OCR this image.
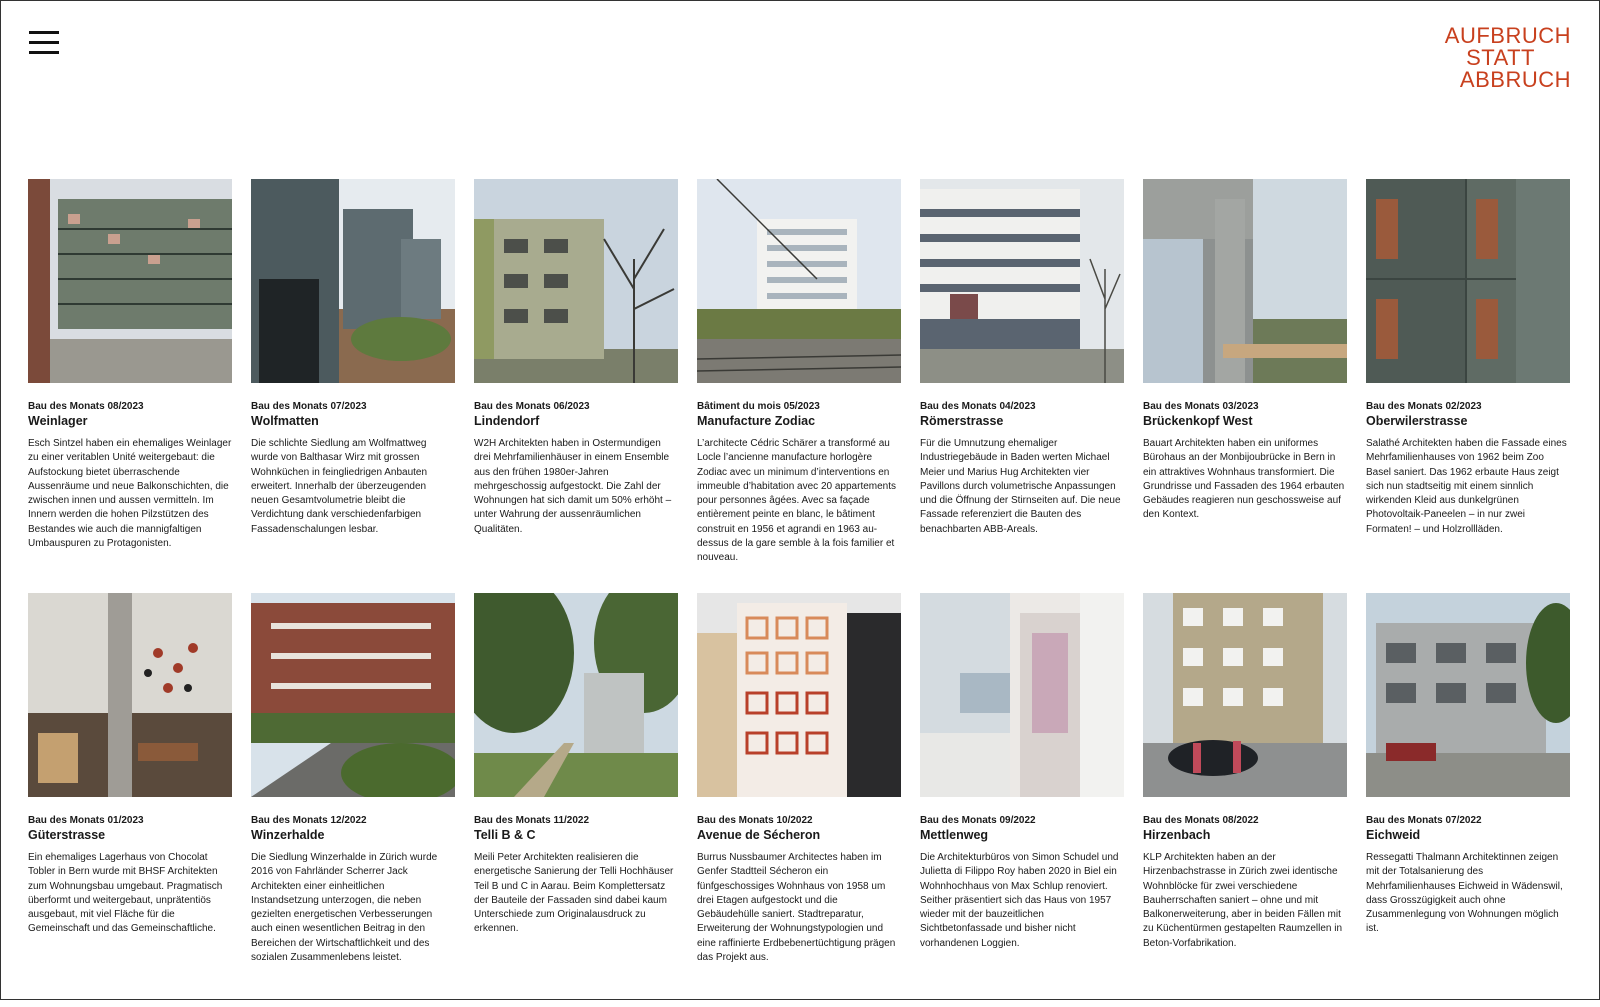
AUFBRUCH
STATT
ABBRUCH
Bau des Monats 08/2023
Weinlager
Esch Sintzel haben ein ehemaliges Weinlager zu einer veritablen Unité weitergebaut: die Aufstockung bietet überraschende Aussenräume und neue Balkonschichten, die zwischen innen und aussen vermitteln. Im Innern werden die hohen Pilzstützen des Bestandes wie auch die mannigfaltigen Umbauspuren zu Protagonisten.
Bau des Monats 07/2023
Wolfmatten
Die schlichte Siedlung am Wolfmattweg wurde von Balthasar Wirz mit grossen Wohnküchen in feingliedrigen Anbauten erweitert. Innerhalb der überzeugenden neuen Gesamtvolumetrie bleibt die Verdichtung dank verschiedenfarbigen Fassadenschalungen lesbar.
Bau des Monats 06/2023
Lindendorf
W2H Architekten haben in Ostermundigen drei Mehrfamilienhäuser in einem Ensemble aus den frühen 1980er-Jahren mehrgeschossig aufgestockt. Die Zahl der Wohnungen hat sich damit um 50% erhöht – unter Wahrung der aussenräumlichen Qualitäten.
Bâtiment du mois 05/2023
Manufacture Zodiac
L’architecte Cédric Schärer a transformé au Locle l’ancienne manufacture horlogère Zodiac avec un minimum d’interventions en immeuble d’habitation avec 20 appartements pour personnes âgées. Avec sa façade entièrement peinte en blanc, le bâtiment construit en 1956 et agrandi en 1963 au-dessus de la gare semble à la fois familier et nouveau.
Bau des Monats 04/2023
Römerstrasse
Für die Umnutzung ehemaliger Industriegebäude in Baden werten Michael Meier und Marius Hug Architekten vier Pavillons durch volumetrische Anpassungen und die Öffnung der Stirnseiten auf. Die neue Fassade referenziert die Bauten des benachbarten ABB-Areals.
Bau des Monats 03/2023
Brückenkopf West
Bauart Architekten haben ein uniformes Bürohaus an der Monbijoubrücke in Bern in ein attraktives Wohnhaus transformiert. Die Grundrisse und Fassaden des 1964 erbauten Gebäudes reagieren nun geschossweise auf den Kontext.
Bau des Monats 02/2023
Oberwilerstrasse
Salathé Architekten haben die Fassade eines Mehrfamilienhauses von 1962 beim Zoo Basel saniert. Das 1962 erbaute Haus zeigt sich nun stadtseitig mit einem sinnlich wirkenden Kleid aus dunkelgrünen Photovoltaik-Paneelen – in nur zwei Formaten! – und Holzrollläden.
Bau des Monats 01/2023
Güterstrasse
Ein ehemaliges Lagerhaus von Chocolat Tobler in Bern wurde mit BHSF Architekten zum Wohnungsbau umgebaut. Pragmatisch überformt und weitergebaut, unprätentiös ausgebaut, mit viel Fläche für die Gemeinschaft und das Gemeinschaftliche.
Bau des Monats 12/2022
Winzerhalde
Die Siedlung Winzerhalde in Zürich wurde 2016 von Fahrländer Scherrer Jack Architekten einer einheitlichen Instandsetzung unterzogen, die neben gezielten energetischen Verbesserungen auch einen wesentlichen Beitrag in den Bereichen der Wirtschaftlichkeit und des sozialen Zusammenlebens leistet.
Bau des Monats 11/2022
Telli B & C
Meili Peter Architekten realisieren die energetische Sanierung der Telli Hochhäuser Teil B und C in Aarau. Beim Komplettersatz der Bauteile der Fassaden sind dabei kaum Unterschiede zum Originalausdruck zu erkennen.
Bau des Monats 10/2022
Avenue de Sécheron
Burrus Nussbaumer Architectes haben im Genfer Stadtteil Sécheron ein fünfgeschossiges Wohnhaus von 1958 um drei Etagen aufgestockt und die Gebäudehülle saniert. Stadtreparatur, Erweiterung der Wohnungstypologien und eine raffinierte Erdbebenertüchtigung prägen das Projekt aus.
Bau des Monats 09/2022
Mettlenweg
Die Architekturbüros von Simon Schudel und Julietta di Filippo Roy haben 2020 in Biel ein Wohnhochhaus von Max Schlup renoviert. Seither präsentiert sich das Haus von 1957 wieder mit der bauzeitlichen Sichtbetonfassade und bisher nicht vorhandenen Loggien.
Bau des Monats 08/2022
Hirzenbach
KLP Architekten haben an der Hirzenbachstrasse in Zürich zwei identische Wohnblöcke für zwei verschiedene Bauherrschaften saniert – ohne und mit Balkonerweiterung, aber in beiden Fällen mit zu Küchentürmen gestapelten Raumzellen in Beton-Vorfabrikation.
Bau des Monats 07/2022
Eichweid
Ressegatti Thalmann Architektinnen zeigen mit der Totalsanierung des Mehrfamilienhauses Eichweid in Wädenswil, dass Grosszügigkeit auch ohne Zusammenlegung von Wohnungen möglich ist.
